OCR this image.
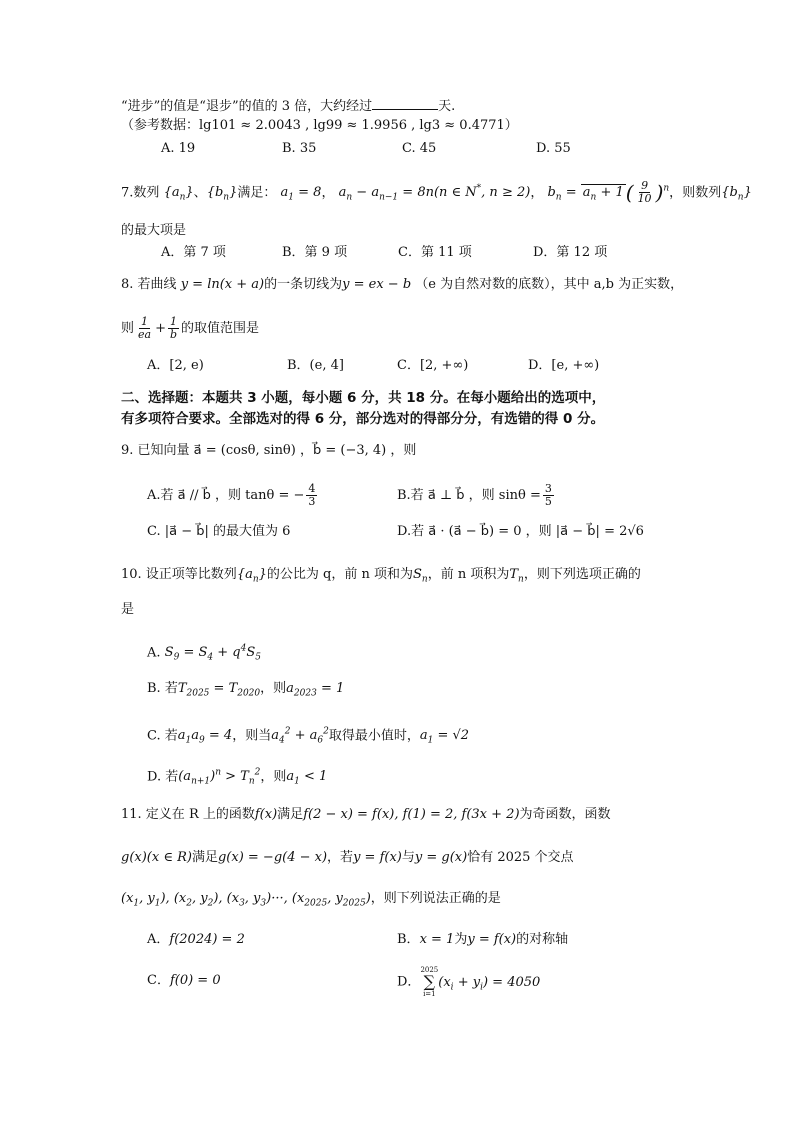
“进步”的值是“退步”的值的 3 倍，大约经过	天.
（参考数据：lg101 ≈ 2.0043 , lg99 ≈ 1.9956 , lg3 ≈ 0.4771）
A. 19	B. 35	C. 45	D. 55
7.数列 $\{a_n\}$、$\{b_n\}$满足： $a_1 = 8$， $a_n - a_{n-1} = 8n(n$ ∈ N*, n ≥ 2)， $b_n = a_n + 1$ ( $\frac{9}{10} )^n$，则数列$\{b_n\}$
的最大项是
A．第 7 项	B．第 9 项	C．第 11 项	D．第 12 项
8. 若曲线 y = ln(x + a)的一条切线为y = ex − b （e 为自然对数的底数），其中 a,b 为正实数，
则 $\frac{1}{ea} + \frac{1}{b}$ 的取值范围是
A．[2, e)	B．(e, 4]	C．[2, +∞)	D．[e, +∞)
二、选择题：本题共 3 小题，每小题 6 分，共 18 分。在每小题给出的选项中，
有多项符合要求。全部选对的得 6 分，部分选对的得部分分，有选错的得 0 分。
9. 已知向量 a⃗ = (cosθ, sinθ) ，b⃗ = (−3, 4) ，则
A.若 a⃗ // b⃗ ，则 tanθ = − $\frac{4}{3}$	B.若 a⃗ ⊥ b⃗ ，则 $\sin\theta = \frac{3}{5}$
C. |a⃗ − b⃗| 的最大值为 6	D.若 a⃗ · (a⃗ − b⃗) = 0 ，则 |a⃗ − b⃗| = 2√6
10. 设正项等比数列$\{a_n\}$的公比为 q，前 n 项和为$S_n$，前 n 项积为$T_n$，则下列选项正确的
是
A. $S_9 = S_4 + q^4S_5$
B. 若$T_{2025} = T_{2020}$，则$a_{2023} = 1$
C. 若$a_1a_9 = 4$，则当$a_4^2 + a_6^2$取得最小值时，$a_1 = √2$
D. 若$(a_{n+1})^n > T_n^2$，则$a_1 < 1$
11. 定义在 R 上的函数f(x)满足f(2 − x) = f(x), f(1) = 2, f(3x + 2)为奇函数，函数
g(x)(x ∈ R)满足g(x) = −g(4 − x)，若y = f(x)与y = g(x)恰有 2025 个交点
($x_1$, $y_1$), ($x_2$, $y_2$), ($x_3$, $y_3)\cdot\cdot\cdot$, ($x_{2025}$, $y_{2025}$)，则下列说法正确的是
A．f(2024) = 2	B．x = 1为y = f(x)的对称轴
C．f(0) = 0	D．
2025
∑
i=1
$(x_i + y_i) = 4050$
